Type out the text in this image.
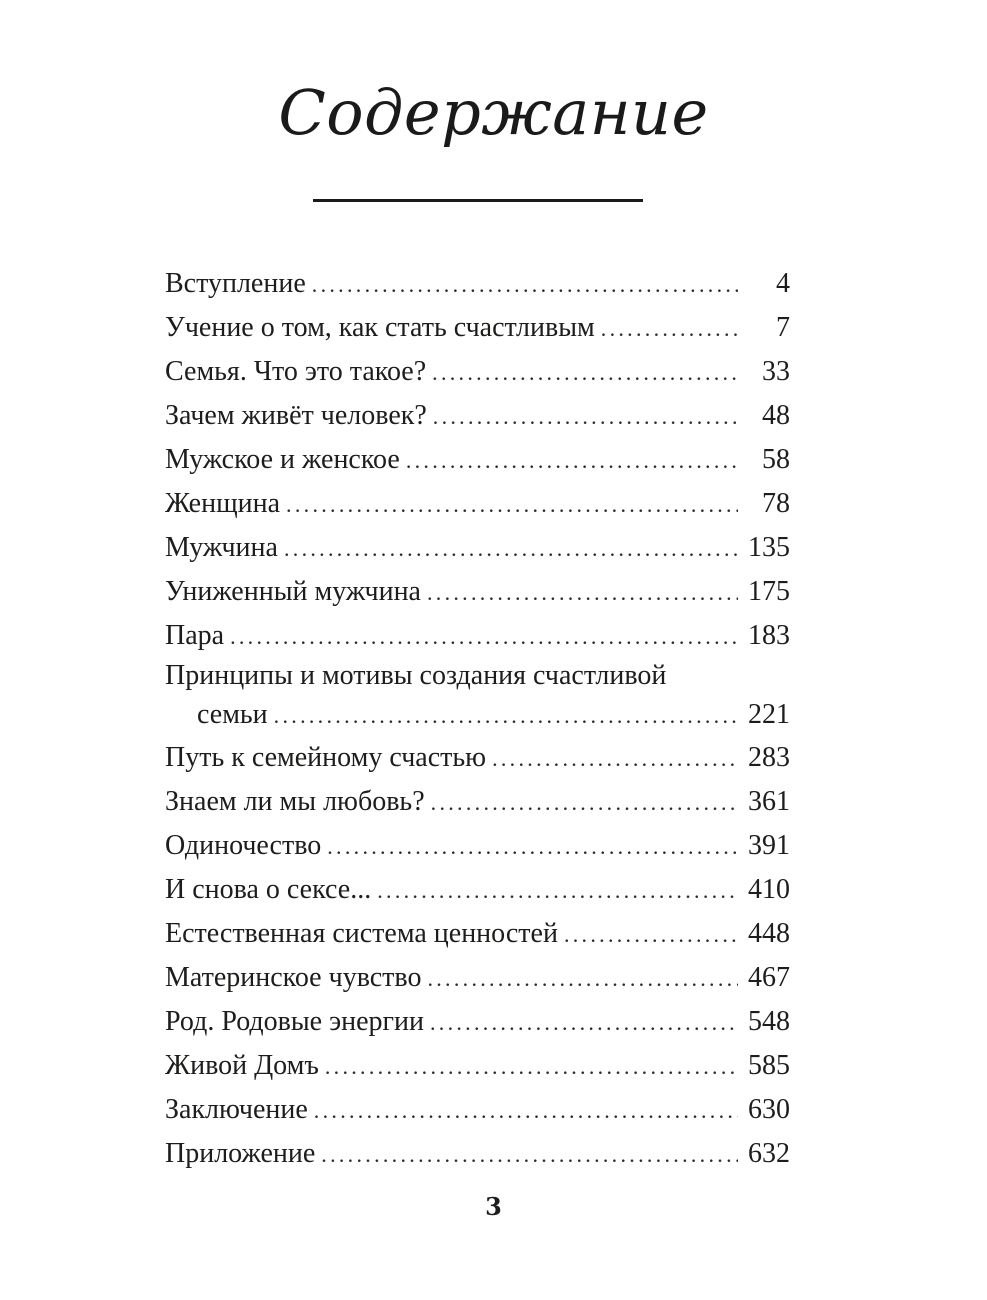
Содержание
Вступление . . .	4
Учение о том, как стать счастливым . . .	7
Семья. Что это такое? . . .	33
Зачем живёт человек? . . .	48
Мужское и женское . . .	58
Женщина . . .	78
Мужчина . . .	135
Униженный мужчина . . .	175
Пара . . .	183
Принципы и мотивы создания счастливой
семьи . . .	221
Путь к семейному счастью . . .	283
Знаем ли мы любовь? . . .	361
Одиночество . . .	391
И снова о сексе... . . .	410
Естественная система ценностей . . .	448
Материнское чувство . . .	467
Род. Родовые энергии . . .	548
Живой Домъ . . .	585
Заключение . . .	630
Приложение . . .	632
3
